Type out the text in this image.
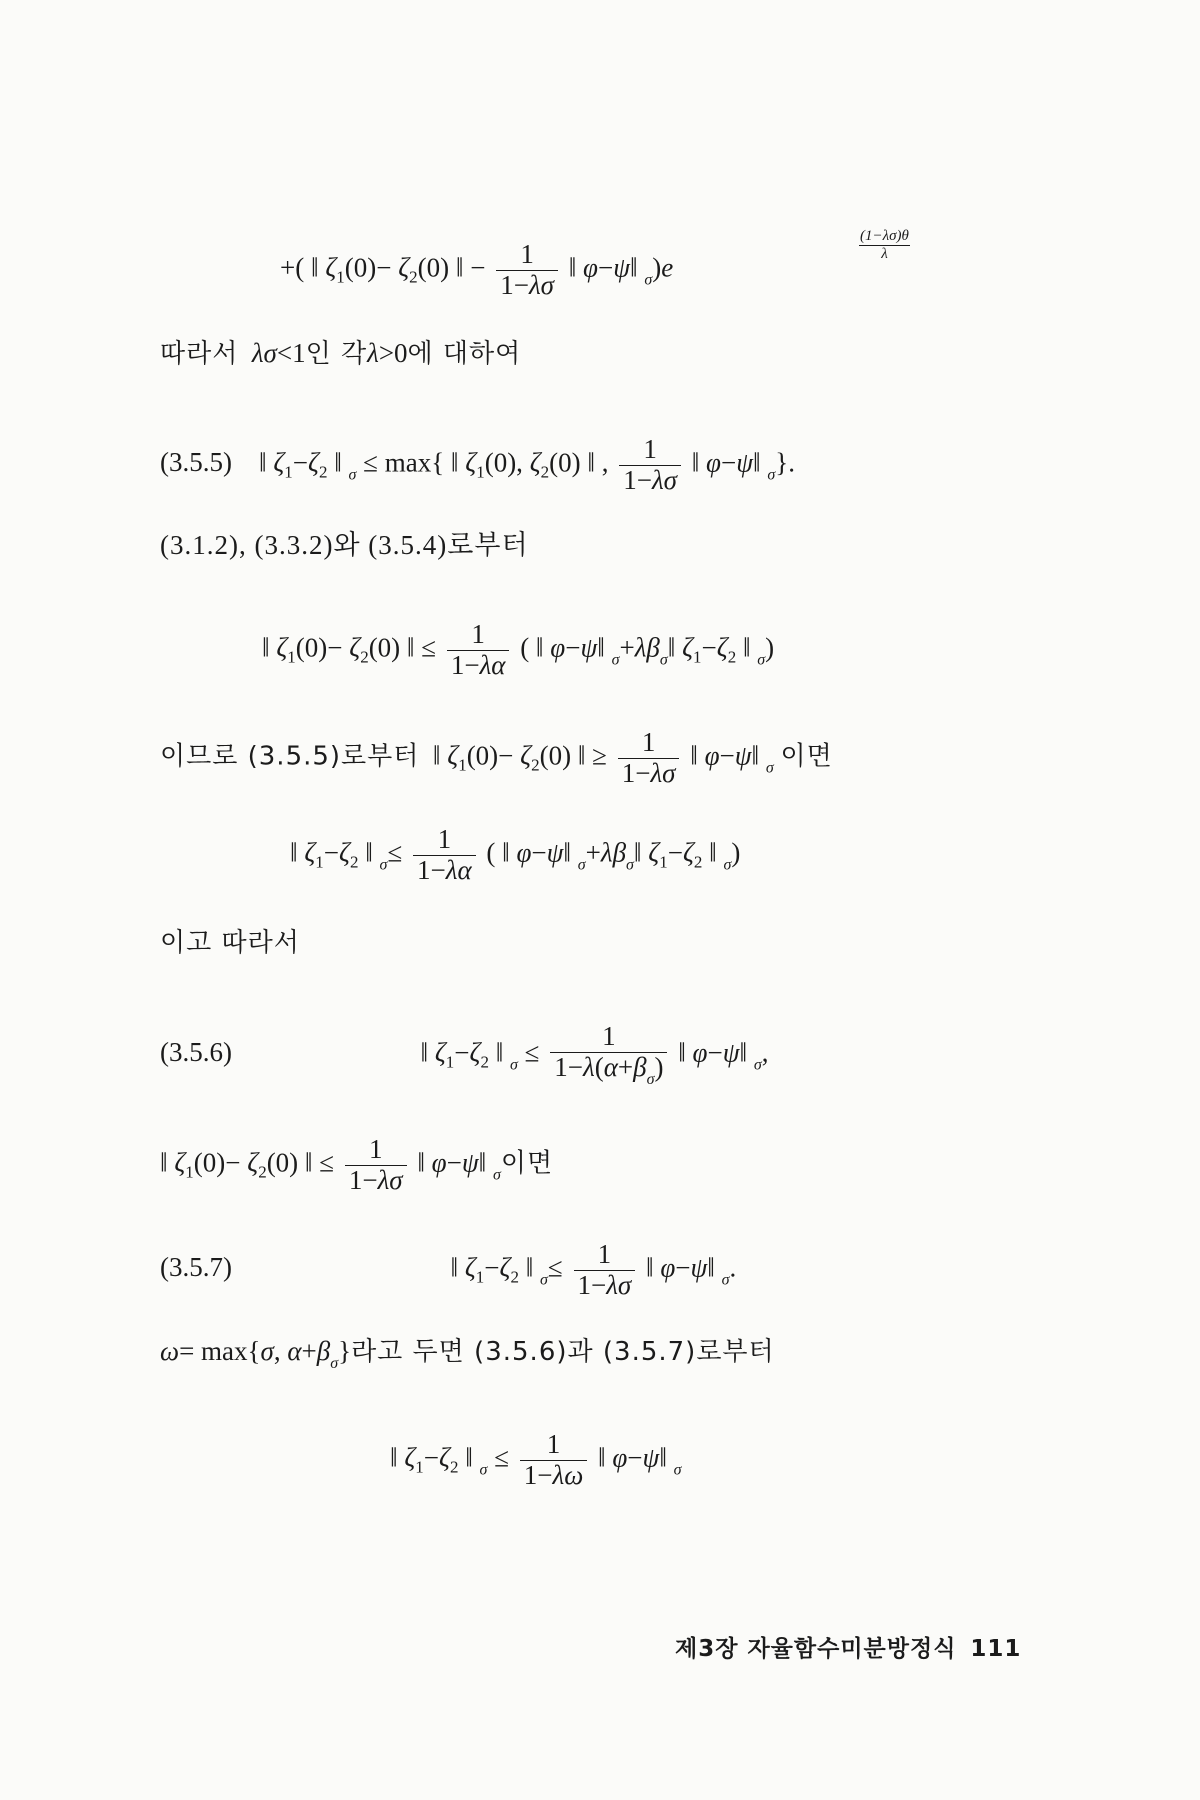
+( ‖ $\zeta_1(0)- \zeta_2(0)$ ‖ − $\frac{1}{1-\lambda\sigma}$ ‖ φ−ψ‖ $_\sigma$)e
$\frac{(1-\lambda\sigma)\theta}{\lambda}$
따라서 λσ<1인 각λ>0에 대하여
(3.5.5)    ‖ $\zeta_1-\zeta_2$ ‖ $_\sigma$ ≤ max{ ‖ $\zeta_1(0)$, $\zeta_2(0)$ ‖ , $\frac{1}{1-\lambda\sigma}$ ‖ φ−ψ‖ $_\sigma$}.
(3.1.2), (3.3.2)와 (3.5.4)로부터
‖ $\zeta_1(0)- \zeta_2(0)$ ‖ ≤ $\frac{1}{1-\lambda\alpha}$ ( ‖ φ−ψ‖ $_\sigma+\lambda\beta_\sigma‖$ $\zeta_1-\zeta_2$ ‖ $_\sigma$)
이므로 (3.5.5)로부터  ‖ $\zeta_1(0)- \zeta_2(0)$ ‖ ≥ $\frac{1}{1-\lambda\sigma}$ ‖ φ−ψ‖ $_\sigma$ 이면
‖ $\zeta_1-\zeta_2$ ‖ $_\sigma\le \frac{1}{1-\lambda\alpha}$ ( ‖ φ−ψ‖ $_\sigma+\lambda\beta_\sigma‖$ $\zeta_1-\zeta_2$ ‖ $_\sigma$)
이고 따라서
(3.5.6)	‖ $\zeta_1-\zeta_2$ ‖ $_\sigma \le \frac{1}{1-\lambda(\alpha+\beta_\sigma)}$ ‖ φ−ψ‖ $_\sigma$,
‖ $\zeta_1(0)- \zeta_2(0)$ ‖ ≤ $\frac{1}{1-\lambda\sigma}$ ‖ φ−ψ‖ $_\sigma$이면
(3.5.7)	‖ $\zeta_1-\zeta_2$ ‖ $_\sigma\le \frac{1}{1-\lambda\sigma}$ ‖ φ−ψ‖ $_\sigma$.
ω= max{σ, $\alpha+\beta_\sigma$}라고 두면 (3.5.6)과 (3.5.7)로부터
‖ $\zeta_1-\zeta_2$ ‖ $_\sigma \le \frac{1}{1-\lambda\omega}$ ‖ φ−ψ‖ $_\sigma$
제3장 자율함수미분방정식 111
